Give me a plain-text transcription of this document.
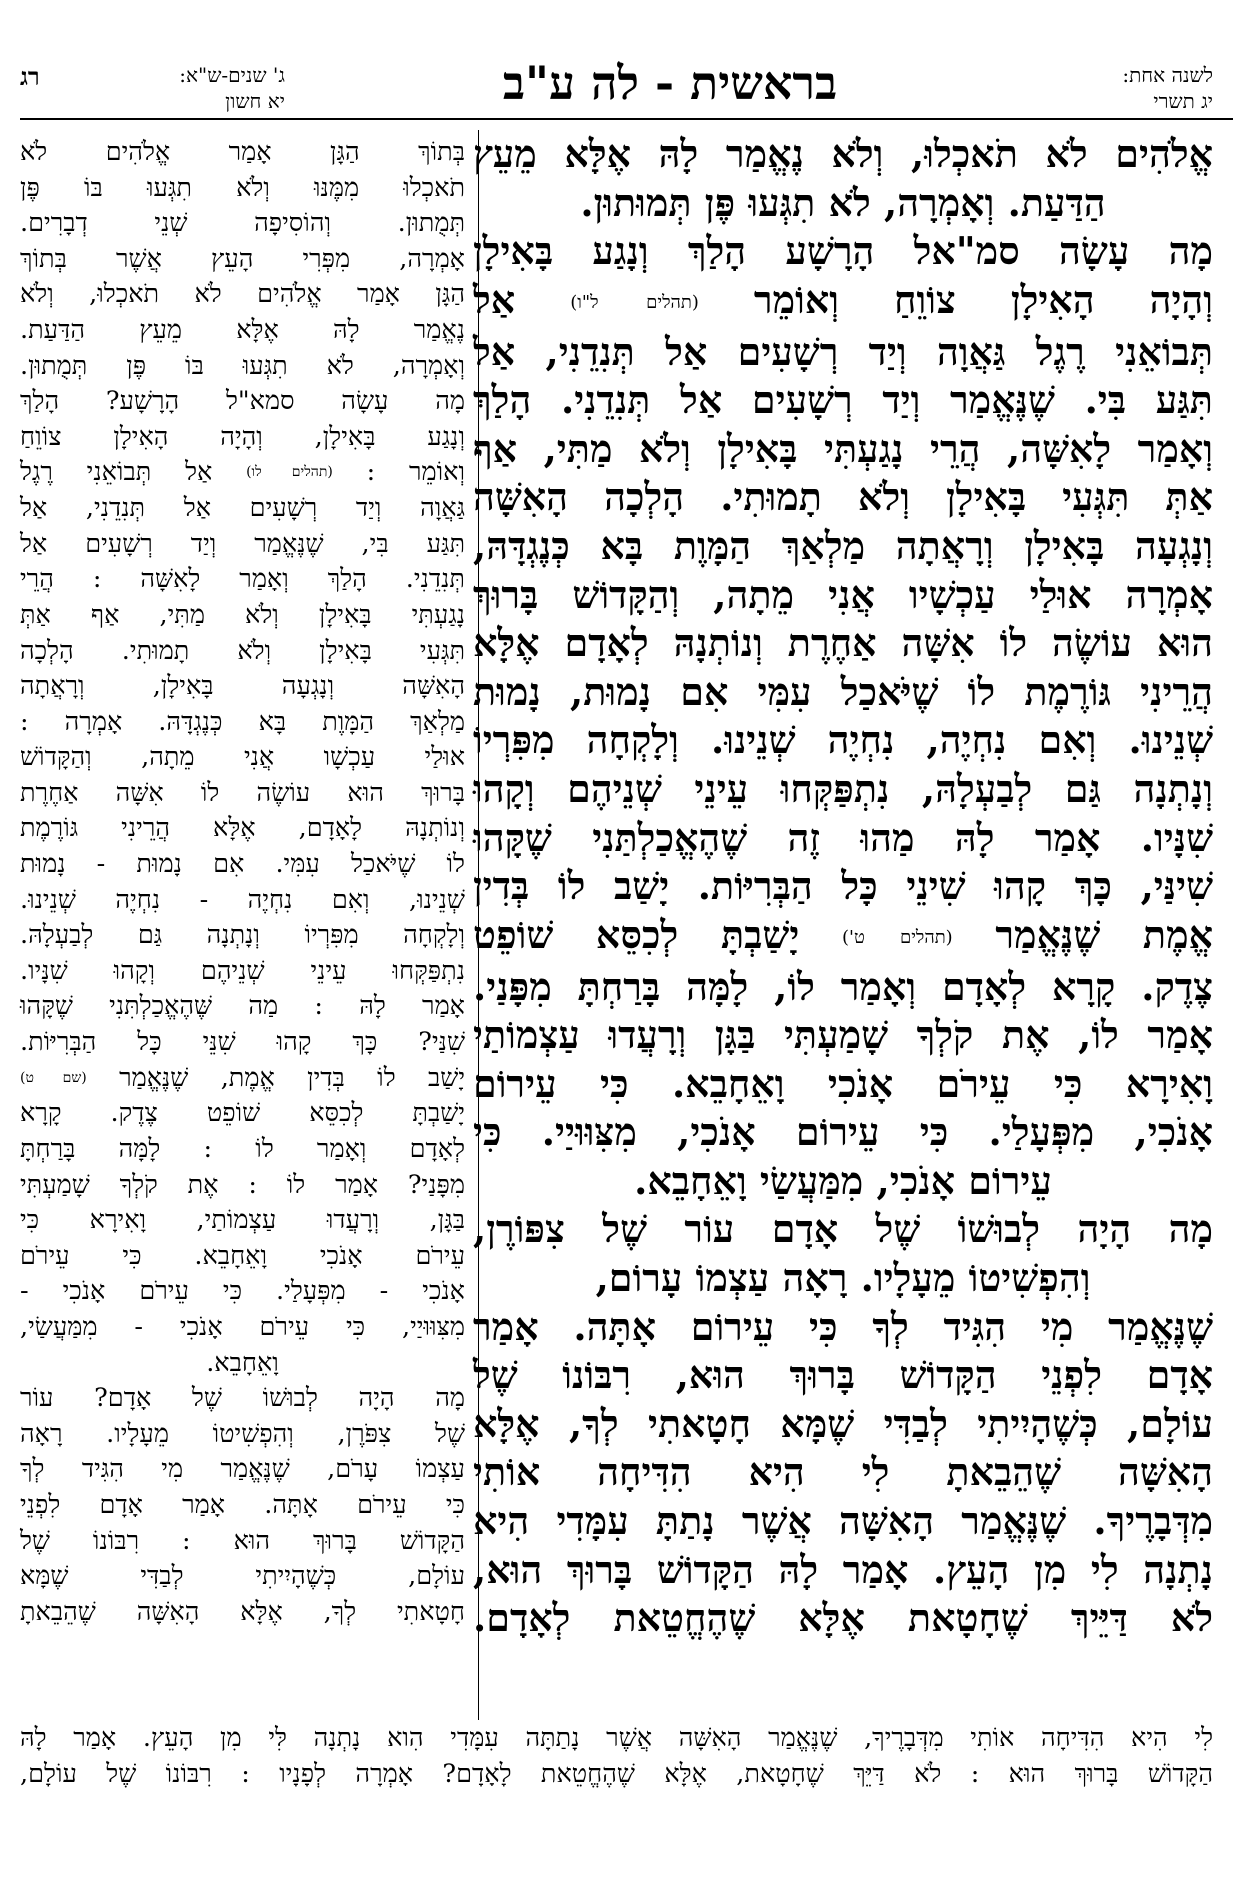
לשנה אחת:
יג תשרי
בראשית - לה ע"ב
ג' שנים-ש"א:
יא חשון
רג
אֱלֹהִים לֹא תֹאכְלוּ, וְלֹא נֶאֱמַר לָהּ אֶלָּא מֵעֵץ
הַדַּעַת. וְאָמְרָה, לֹא תִגְּעוּ פֶּן תְּמוּתוּן.
מָה עָשָׂה סמ"אל הָרָשָׁע הָלַךְ וְנָגַע בָּאִילָן
וְהָיָה הָאִילָן צוֹוֵחַ וְאוֹמֵר (תהלים ל"ו) אַל
תְּבוֹאֵנִי רֶגֶל גַּאֲוָה וְיַד רְשָׁעִים אַל תְּנִדֵנִי, אַל
תִּגַּע בִּי. שֶׁנֶּאֱמַר וְיַד רְשָׁעִים אַל תְּנִדֵנִי. הָלַךְ
וְאָמַר לָאִשָּׁה, הֲרֵי נָגַעְתִּי בָּאִילָן וְלֹא מַתִּי, אַף
אַתְּ תִּגְּעִי בָּאִילָן וְלֹא תָמוּתִי. הָלְכָה הָאִשָּׁה
וְנָגְעָה בָּאִילָן וְרָאֲתָה מַלְאַךְ הַמָּוֶת בָּא כְּנֶגְדָּהּ,
אָמְרָה אוּלַי עַכְשָׁיו אֲנִי מֵתָה, וְהַקָּדוֹשׁ בָּרוּךְ
הוּא עוֹשֶׂה לוֹ אִשָּׁה אַחֶרֶת וְנוֹתְנָהּ לְאָדָם אֶלָּא
הֲרֵינִי גּוֹרֶמֶת לוֹ שֶׁיֹּאכַל עִמִּי אִם נָמוּת, נָמוּת
שְׁנֵינוּ. וְאִם נִחְיֶה, נִחְיֶה שְׁנֵינוּ. וְלָקְחָה מִפִּרְיוֹ
וְנָתְנָה גַּם לְבַעְלָהּ, נִתְפַּקְּחוּ עֵינֵי שְׁנֵיהֶם וְקָהוּ
שִׁנָּיו. אָמַר לָהּ מַהוּ זֶה שֶׁהֶאֱכַלְתַּנִי שֶׁקָּהוּ
שִׁינַּי, כָּךְ קָהוּ שִׁינֵי כָּל הַבְּרִיּוֹת. יָשַׁב לוֹ בְּדִין
אֱמֶת שֶׁנֶּאֱמַר (תהלים ט') יָשַׁבְתָּ לְכִסֵּא שׁוֹפֵט
צֶדֶק. קָרָא לְאָדָם וְאָמַר לוֹ, לָמָּה בָּרַחְתָּ מִפָּנַי.
אָמַר לוֹ, אֶת קֹלְךָ שָׁמַעְתִּי בַּגָּן וְרָעֲדוּ עַצְמוֹתַי
וָאִירָא כִּי עֵירֹם אָנֹכִי וָאֵחָבֵא. כִּי עֵירוֹם
אָנֹכִי, מִפְּעָלַי. כִּי עֵירוֹם אָנֹכִי, מִצִּוּוּיַי. כִּי
עֵירוֹם אָנֹכִי, מִמַּעֲשַׂי וָאֵחָבֵא.
מָה הָיָה לְבוּשׁוֹ שֶׁל אָדָם עוֹר שֶׁל צִפּוֹרֶן,
וְהִפְשִׁיטוֹ מֵעָלָיו. רָאָה עַצְמוֹ עָרוֹם,
שֶׁנֶּאֱמַר מִי הִגִּיד לְךָ כִּי עֵירוֹם אָתָּה. אָמַר
אָדָם לִפְנֵי הַקָּדוֹשׁ בָּרוּךְ הוּא, רִבּוֹנוֹ שֶׁל
עוֹלָם, כְּשֶׁהָיִיתִי לְבַדִּי שֶׁמָּא חָטָאתִי לְךָ, אֶלָּא
הָאִשָּׁה שֶׁהֵבֵאתָ לִי הִיא הִדִּיחָה אוֹתִי
מִדְּבָרֶיךָ. שֶׁנֶּאֱמַר הָאִשָּׁה אֲשֶׁר נָתַתָּ עִמָּדִי הִיא
נָתְנָה לִי מִן הָעֵץ. אָמַר לָהּ הַקָּדוֹשׁ בָּרוּךְ הוּא,
לֹא דַּיֵּיךְ שֶׁחָטָאת אֶלָּא שֶׁהֶחֱטֵאת לְאָדָם.
בְּתוֹךְ הַגָּן אָמַר אֱלֹהִים לֹא
תֹאכְלוּ מִמֶּנּוּ וְלֹא תִגְּעוּ בּוֹ פֶּן
תְּמֻתוּן. וְהוֹסִיפָה שְׁנֵי דְבָרִים.
אָמְרָה, מִפְּרִי הָעֵץ אֲשֶׁר בְּתוֹךְ
הַגָּן אָמַר אֱלֹהִים לֹא תֹאכְלוּ, וְלֹא
נֶאֱמַר לָהּ אֶלָּא מֵעֵץ הַדַּעַת.
וְאָמְרָה, לֹא תִגְּעוּ בּוֹ פֶּן תְּמֻתוּן.
מָה עָשָׂה סמא"ל הָרָשָׁע? הָלַךְ
וְנָגַע בָּאִילָן, וְהָיָה הָאִילָן צוֹוֵחַ
וְאוֹמֵר : (תהלים לו) אַל תְּבוֹאֵנִי רֶגֶל
גַּאֲוָה וְיַד רְשָׁעִים אַל תְּנִדֵנִי, אַל
תִּגַּע בִּי, שֶׁנֶּאֱמַר וְיַד רְשָׁעִים אַל
תְּנִדֵנִי. הָלַךְ וְאָמַר לָאִשָּׁה : הֲרֵי
נָגַעְתִּי בָּאִילָן וְלֹא מַתִּי, אַף אַתְּ
תִּגְּעִי בָּאִילָן וְלֹא תָמוּתִי. הָלְכָה
הָאִשָּׁה וְנָגְעָה בָּאִילָן, וְרָאֲתָה
מַלְאַךְ הַמָּוֶת בָּא כְּנֶגְדָּהּ. אָמְרָה :
אוּלַי עַכְשָׁו אֲנִי מֵתָה, וְהַקָּדוֹשׁ
בָּרוּךְ הוּא עוֹשֶׂה לוֹ אִשָּׁה אַחֶרֶת
וְנוֹתְנָהּ לָאָדָם, אֶלָּא הֲרֵינִי גּוֹרֶמֶת
לוֹ שֶׁיֹּאכַל עִמִּי. אִם נָמוּת - נָמוּת
שְׁנֵינוּ, וְאִם נִחְיֶה - נִחְיֶה שְׁנֵינוּ.
וְלָקְחָה מִפִּרְיוֹ וְנָתְנָה גַּם לְבַעְלָהּ.
נִתְפַּקְּחוּ עֵינֵי שְׁנֵיהֶם וְקָהוּ שִׁנָּיו.
אָמַר לָהּ : מַה שֶּׁהֶאֱכַלְתִּנִי שֶׁקָּהוּ
שִׁנַּי? כָּךְ קָהוּ שִׁנֵּי כָּל הַבְּרִיּוֹת.
יָשַׁב לוֹ בְּדִין אֱמֶת, שֶׁנֶּאֱמַר (שם ט)
יָשַׁבְתָּ לְכִסֵּא שׁוֹפֵט צֶדֶק. קָרָא
לְאָדָם וְאָמַר לוֹ : לָמָּה בָּרַחְתָּ
מִפָּנַי? אָמַר לוֹ : אֶת קֹלְךָ שָׁמַעְתִּי
בַּגָּן, וְרָעֲדוּ עַצְמוֹתַי, וָאִירָא כִּי
עֵירֹם אָנֹכִי וָאֵחָבֵא. כִּי עֵירֹם
אָנֹכִי - מִפְּעָלַי. כִּי עֵירֹם אָנֹכִי -
מִצִּוּוּיַי, כִּי עֵירֹם אָנֹכִי - מִמַּעֲשַׂי,
וָאֵחָבֵא.
מָה הָיָה לְבוּשׁוֹ שֶׁל אָדָם? עוֹר
שֶׁל צִפֹּרֶן, וְהִפְשִׁיטוֹ מֵעָלָיו. רָאָה
עַצְמוֹ עָרֹם, שֶׁנֶּאֱמַר מִי הִגִּיד לְךָ
כִּי עֵירֹם אָתָּה. אָמַר אָדָם לִפְנֵי
הַקָּדוֹשׁ בָּרוּךְ הוּא : רִבּוֹנוֹ שֶׁל
עוֹלָם, כְּשֶׁהָיִיתִי לְבַדִּי שֶׁמָּא
חָטָאתִי לְךָ, אֶלָּא הָאִשָּׁה שֶׁהֵבֵאתָ
לִי הִיא הִדִּיחָה אוֹתִי מִדְּבָרֶיךָ, שֶׁנֶּאֱמַר הָאִשָּׁה אֲשֶׁר נָתַתָּה עִמָּדִי הִוא נָתְנָה לִּי מִן הָעֵץ. אָמַר לָהּ
הַקָּדוֹשׁ בָּרוּךְ הוּא : לֹא דַּיֵּךְ שֶׁחָטָאת, אֶלָּא שֶׁהֶחֱטֵאת לָאָדָם? אָמְרָה לְפָנָיו : רִבּוֹנוֹ שֶׁל עוֹלָם,
